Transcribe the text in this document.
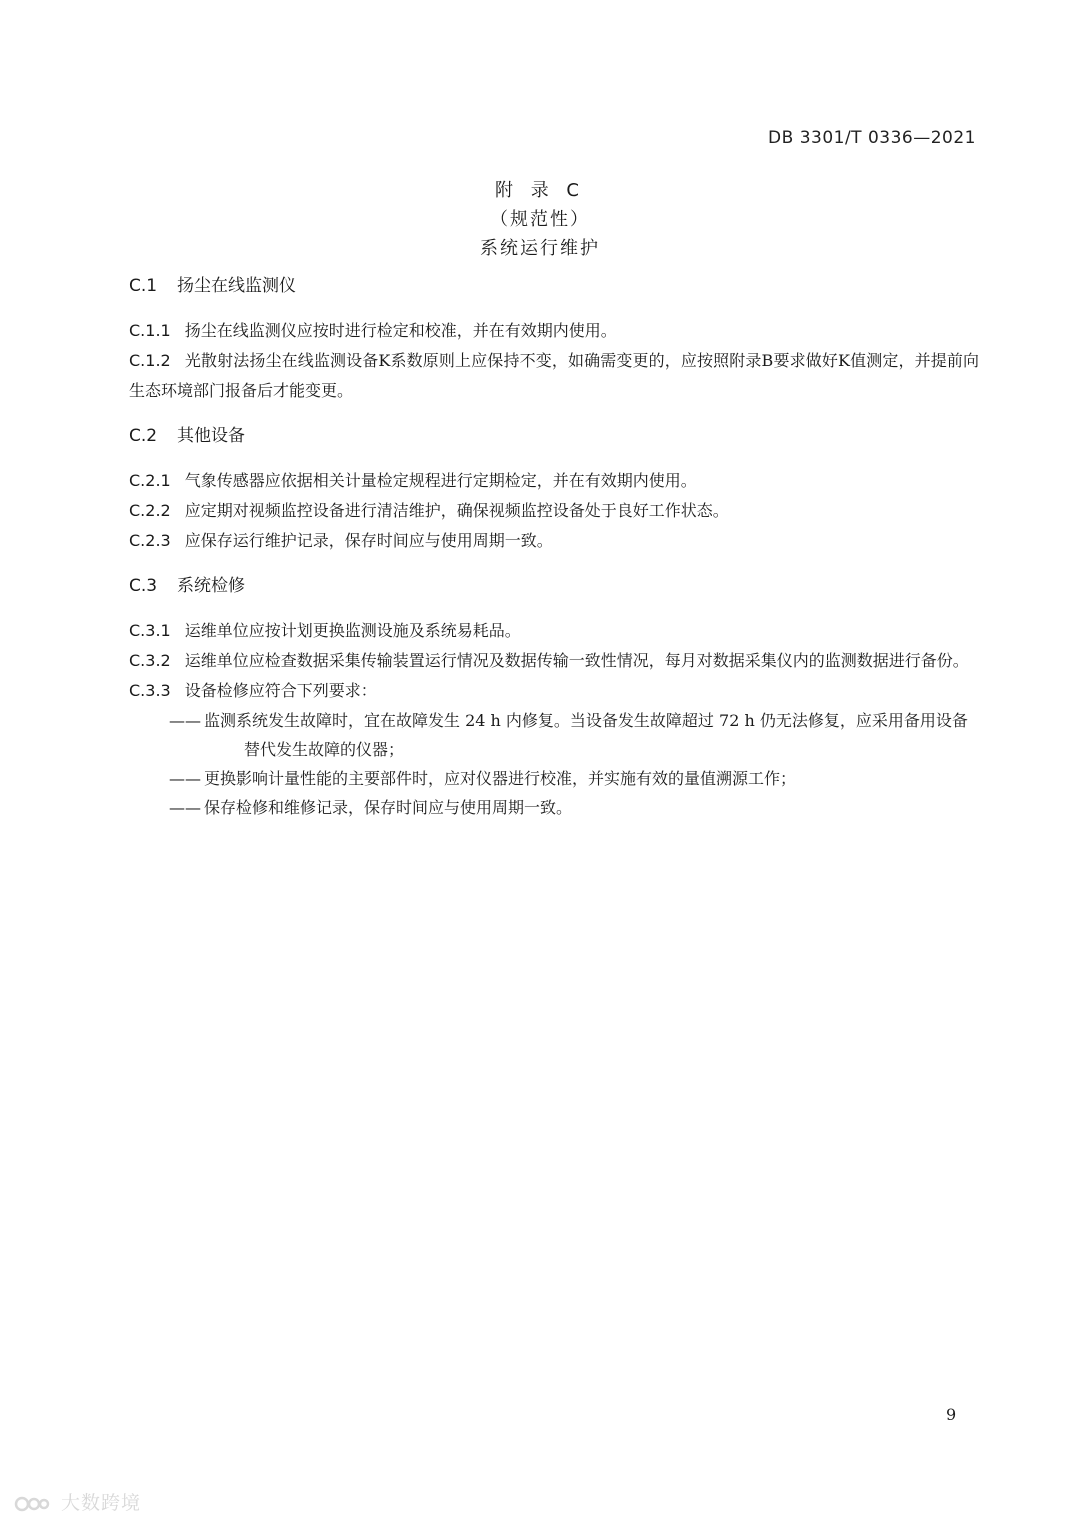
DB 3301/T 0336—2021
附 录 C
（规范性）
系统运行维护
C.1 扬尘在线监测仪

C.1.1 扬尘在线监测仪应按时进行检定和校准，并在有效期内使用。

C.1.2 光散射法扬尘在线监测设备K系数原则上应保持不变，如确需变更的，应按照附录B要求做好K值测定，并提前向生态环境部门报备后才能变更。

C.2 其他设备

C.2.1 气象传感器应依据相关计量检定规程进行定期检定，并在有效期内使用。

C.2.2 应定期对视频监控设备进行清洁维护，确保视频监控设备处于良好工作状态。

C.2.3 应保存运行维护记录，保存时间应与使用周期一致。

C.3 系统检修

C.3.1 运维单位应按计划更换监测设施及系统易耗品。

C.3.2 运维单位应检查数据采集传输装置运行情况及数据传输一致性情况，每月对数据采集仪内的监测数据进行备份。

C.3.3 设备检修应符合下列要求：

—— 监测系统发生故障时，宜在故障发生 24 h 内修复。当设备发生故障超过 72 h 仍无法修复，应采用备用设备替代发生故障的仪器；
—— 更换影响计量性能的主要部件时，应对仪器进行校准，并实施有效的量值溯源工作；
—— 保存检修和维修记录，保存时间应与使用周期一致。
9
大数跨境
